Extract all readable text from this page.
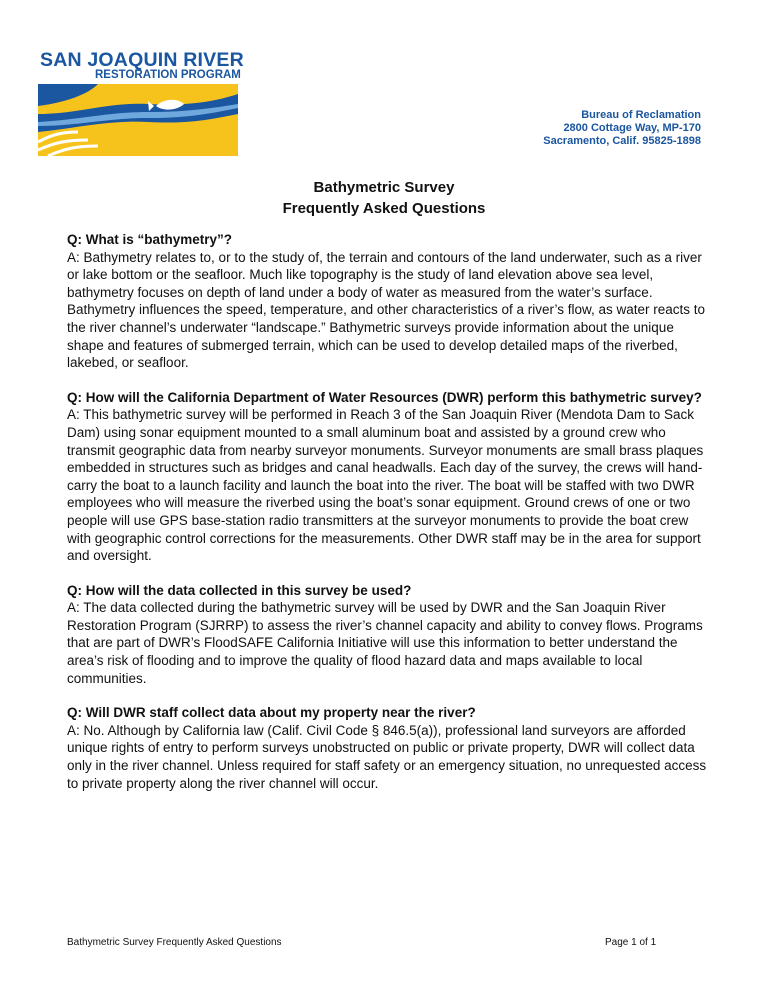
SAN JOAQUIN RIVER
RESTORATION PROGRAM
Bureau of Reclamation
2800 Cottage Way, MP-170
Sacramento, Calif. 95825-1898
Bathymetric Survey
Frequently Asked Questions
Q: What is “bathymetry”?
A: Bathymetry relates to, or to the study of, the terrain and contours of the land underwater, such as a river or lake bottom or the seafloor. Much like topography is the study of land elevation above sea level, bathymetry focuses on depth of land under a body of water as measured from the water’s surface. Bathymetry influences the speed, temperature, and other characteristics of a river’s flow, as water reacts to the river channel’s underwater “landscape.” Bathymetric surveys provide information about the unique shape and features of submerged terrain, which can be used to develop detailed maps of the riverbed, lakebed, or seafloor.
Q: How will the California Department of Water Resources (DWR) perform this bathymetric survey?
A: This bathymetric survey will be performed in Reach 3 of the San Joaquin River (Mendota Dam to Sack Dam) using sonar equipment mounted to a small aluminum boat and assisted by a ground crew who transmit geographic data from nearby surveyor monuments. Surveyor monuments are small brass plaques embedded in structures such as bridges and canal headwalls. Each day of the survey, the crews will hand-carry the boat to a launch facility and launch the boat into the river. The boat will be staffed with two DWR employees who will measure the riverbed using the boat’s sonar equipment. Ground crews of one or two people will use GPS base-station radio transmitters at the surveyor monuments to provide the boat crew with geographic control corrections for the measurements. Other DWR staff may be in the area for support and oversight.
Q: How will the data collected in this survey be used?
A: The data collected during the bathymetric survey will be used by DWR and the San Joaquin River Restoration Program (SJRRP) to assess the river’s channel capacity and ability to convey flows. Programs that are part of DWR’s FloodSAFE California Initiative will use this information to better understand the area’s risk of flooding and to improve the quality of flood hazard data and maps available to local communities.
Q: Will DWR staff collect data about my property near the river?
A: No. Although by California law (Calif. Civil Code § 846.5(a)), professional land surveyors are afforded unique rights of entry to perform surveys unobstructed on public or private property, DWR will collect data only in the river channel. Unless required for staff safety or an emergency situation, no unrequested access to private property along the river channel will occur.
Bathymetric Survey Frequently Asked Questions	Page 1 of 1
